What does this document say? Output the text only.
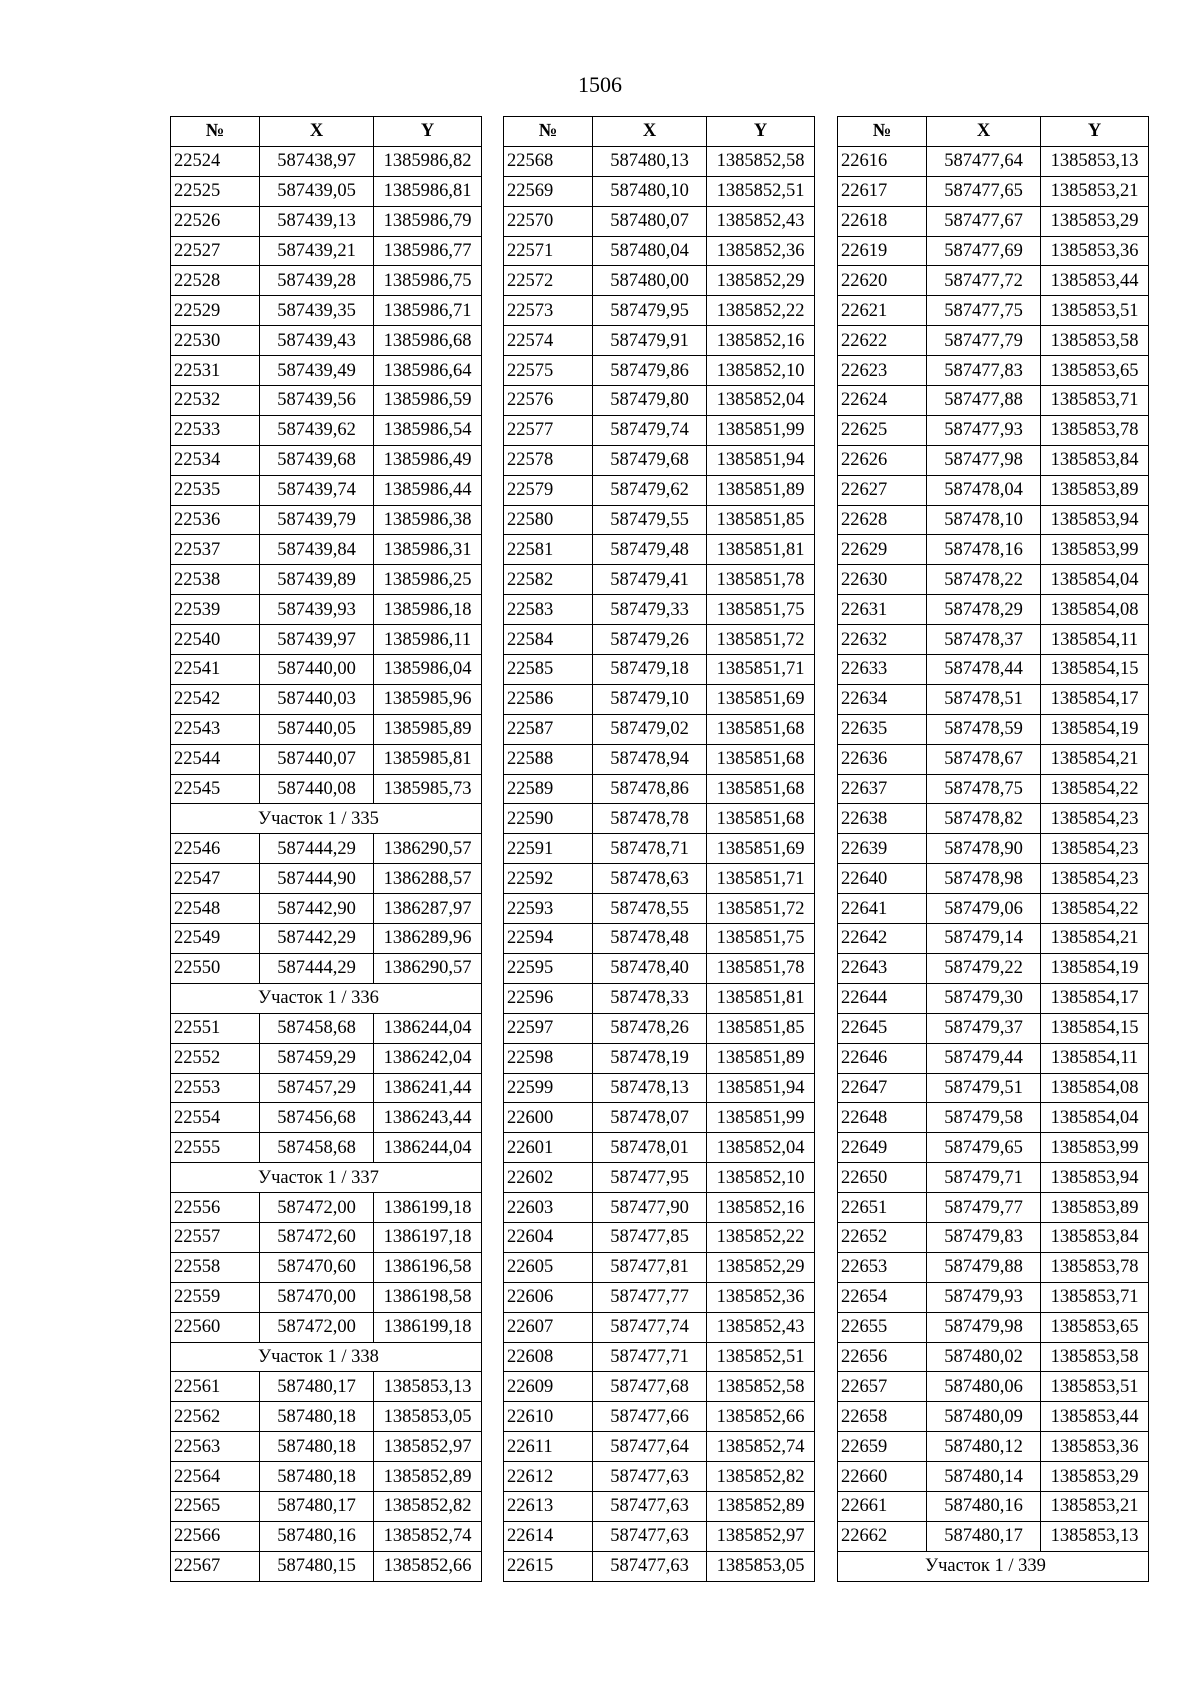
1506
№	X	Y
22524	587438,97	1385986,82
22525	587439,05	1385986,81
22526	587439,13	1385986,79
22527	587439,21	1385986,77
22528	587439,28	1385986,75
22529	587439,35	1385986,71
22530	587439,43	1385986,68
22531	587439,49	1385986,64
22532	587439,56	1385986,59
22533	587439,62	1385986,54
22534	587439,68	1385986,49
22535	587439,74	1385986,44
22536	587439,79	1385986,38
22537	587439,84	1385986,31
22538	587439,89	1385986,25
22539	587439,93	1385986,18
22540	587439,97	1385986,11
22541	587440,00	1385986,04
22542	587440,03	1385985,96
22543	587440,05	1385985,89
22544	587440,07	1385985,81
22545	587440,08	1385985,73
Участок 1 / 335		
22546	587444,29	1386290,57
22547	587444,90	1386288,57
22548	587442,90	1386287,97
22549	587442,29	1386289,96
22550	587444,29	1386290,57
Участок 1 / 336		
22551	587458,68	1386244,04
22552	587459,29	1386242,04
22553	587457,29	1386241,44
22554	587456,68	1386243,44
22555	587458,68	1386244,04
Участок 1 / 337		
22556	587472,00	1386199,18
22557	587472,60	1386197,18
22558	587470,60	1386196,58
22559	587470,00	1386198,58
22560	587472,00	1386199,18
Участок 1 / 338		
22561	587480,17	1385853,13
22562	587480,18	1385853,05
22563	587480,18	1385852,97
22564	587480,18	1385852,89
22565	587480,17	1385852,82
22566	587480,16	1385852,74
22567	587480,15	1385852,66
№	X	Y
22568	587480,13	1385852,58
22569	587480,10	1385852,51
22570	587480,07	1385852,43
22571	587480,04	1385852,36
22572	587480,00	1385852,29
22573	587479,95	1385852,22
22574	587479,91	1385852,16
22575	587479,86	1385852,10
22576	587479,80	1385852,04
22577	587479,74	1385851,99
22578	587479,68	1385851,94
22579	587479,62	1385851,89
22580	587479,55	1385851,85
22581	587479,48	1385851,81
22582	587479,41	1385851,78
22583	587479,33	1385851,75
22584	587479,26	1385851,72
22585	587479,18	1385851,71
22586	587479,10	1385851,69
22587	587479,02	1385851,68
22588	587478,94	1385851,68
22589	587478,86	1385851,68
22590	587478,78	1385851,68
22591	587478,71	1385851,69
22592	587478,63	1385851,71
22593	587478,55	1385851,72
22594	587478,48	1385851,75
22595	587478,40	1385851,78
22596	587478,33	1385851,81
22597	587478,26	1385851,85
22598	587478,19	1385851,89
22599	587478,13	1385851,94
22600	587478,07	1385851,99
22601	587478,01	1385852,04
22602	587477,95	1385852,10
22603	587477,90	1385852,16
22604	587477,85	1385852,22
22605	587477,81	1385852,29
22606	587477,77	1385852,36
22607	587477,74	1385852,43
22608	587477,71	1385852,51
22609	587477,68	1385852,58
22610	587477,66	1385852,66
22611	587477,64	1385852,74
22612	587477,63	1385852,82
22613	587477,63	1385852,89
22614	587477,63	1385852,97
22615	587477,63	1385853,05
№	X	Y
22616	587477,64	1385853,13
22617	587477,65	1385853,21
22618	587477,67	1385853,29
22619	587477,69	1385853,36
22620	587477,72	1385853,44
22621	587477,75	1385853,51
22622	587477,79	1385853,58
22623	587477,83	1385853,65
22624	587477,88	1385853,71
22625	587477,93	1385853,78
22626	587477,98	1385853,84
22627	587478,04	1385853,89
22628	587478,10	1385853,94
22629	587478,16	1385853,99
22630	587478,22	1385854,04
22631	587478,29	1385854,08
22632	587478,37	1385854,11
22633	587478,44	1385854,15
22634	587478,51	1385854,17
22635	587478,59	1385854,19
22636	587478,67	1385854,21
22637	587478,75	1385854,22
22638	587478,82	1385854,23
22639	587478,90	1385854,23
22640	587478,98	1385854,23
22641	587479,06	1385854,22
22642	587479,14	1385854,21
22643	587479,22	1385854,19
22644	587479,30	1385854,17
22645	587479,37	1385854,15
22646	587479,44	1385854,11
22647	587479,51	1385854,08
22648	587479,58	1385854,04
22649	587479,65	1385853,99
22650	587479,71	1385853,94
22651	587479,77	1385853,89
22652	587479,83	1385853,84
22653	587479,88	1385853,78
22654	587479,93	1385853,71
22655	587479,98	1385853,65
22656	587480,02	1385853,58
22657	587480,06	1385853,51
22658	587480,09	1385853,44
22659	587480,12	1385853,36
22660	587480,14	1385853,29
22661	587480,16	1385853,21
22662	587480,17	1385853,13
Участок 1 / 339		
